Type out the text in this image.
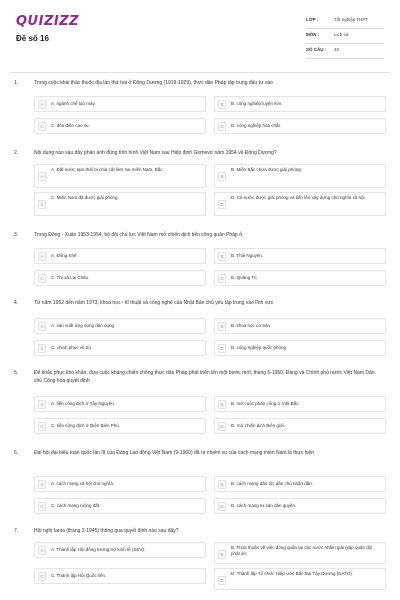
QUIZIZZ
Đề số 16
LỚP :	Tốt nghiệp THPT
MÔN :	Lịch sử
SỐ CÂU : 40
1.	Trong cuộc khai thác thuộc địa lần thứ hai ở Đông Dương (1919-1929), thực dân Pháp tập trung đầu tư vào
A	A. ngành chế tạo máy.	B	B. công nghiệp luyện kim.
C	C. đồn điền cao su.	D	D. công nghiệp hóa chất.
2.	Nội dung nào sau đây phản ánh đúng tình hình Việt Nam sau Hiệp định Giơnevơ năm 1954 về Đông Dương?
A
A. Đất nước tạm thời bị chia cắt làm hai miền Nam, Bắc.
B
B. Miền Bắc chưa được giải phóng.
C
C. Miền Nam đã được giải phóng.
D
D. Cả nước được giải phóng và tiến lên xây dựng chủ nghĩa xã hội.
3.	Trong Đông - Xuân 1953-1954, bộ đội chủ lực Việt Nam mở chiến dịch tiến công quân Pháp ở
A	A. Đông Khê.	B	B. Thái Nguyên.
C	C. Thị xã Lai Châu.	D	D. Quảng Trị.
4.	Từ năm 1952 đến năm 1973, khoa học - kĩ thuật và công nghệ của Nhật Bản chủ yếu tập trung vào lĩnh vực
A	A. sản xuất ứng dụng dân dụng.	B	B. khoa học cơ bản.
C	C. chinh phục vũ trụ.	D	D. công nghiệp quốc phòng.
5.	Để khắc phục khó khăn, đưa cuộc kháng chiến chống thực dân Pháp phát triển lên một bước mới, tháng 6-1950, Đảng và Chính phủ nước Việt Nam Dân chủ Cộng hòa quyết định
A	A. tiến công địch ở Tây Nguyên.	B	B. mở cuộc phản công ở Việt Bắc.
C	C. tiến công địch ở Điện Biên Phủ.	D	D. mở chiến dịch Biên giới.
6.	Đại hội đại biểu toàn quốc lần III của Đảng Lao động Việt Nam (9-1960) đã ra nhiệm vụ của cách mạng miền Nam là thực hiện
A	A. cách mạng xã hội chủ nghĩa.	B	B. cách mạng dân tộc dân chủ nhân dân.
C	C. cách mạng ruộng đất.	D	D. cách mạng tư sản dân quyền.
7.	Hội nghị Ianta (tháng 2-1945) thông qua quyết định nào sau đây?
A	A. Thành lập Hội đồng tương trợ kinh tế (SEV).
B
B. Thỏa thuận về việc đóng quân tại các nước nhằm giải giáp quân đội phát xít.
C	C. Thành lập Hội Quốc liên.
D
D. Thành lập Tổ chức Hiệp ước Bắc Đại Tây Dương (NATO).
